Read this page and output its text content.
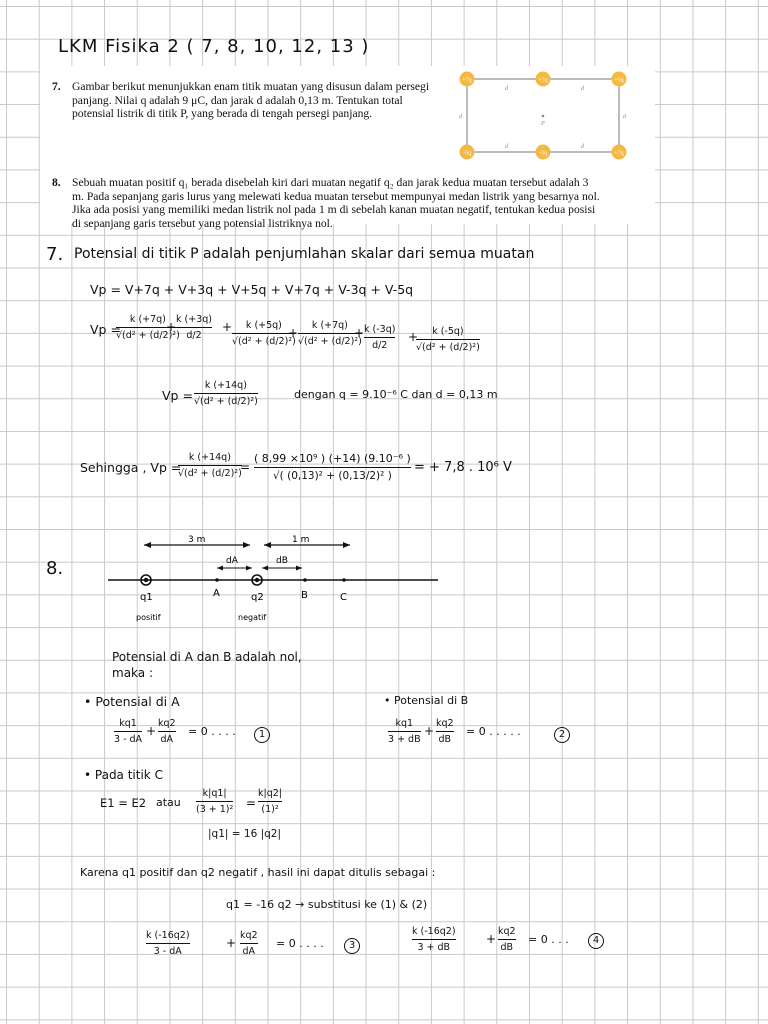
LKM Fisika 2 ( 7, 8, 10, 12, 13 )
7. Gambar berikut menunjukkan enam titik muatan yang disusun dalam persegi
panjang. Nilai q adalah 9 μC, dan jarak d adalah 0,13 m. Tentukan total
potensial listrik di titik P, yang berada di tengah persegi panjang.
+7q	+3q	+5q
-5q	-3q	+7q
d	d
d	d
d	d
P
8. Sebuah muatan positif q₁ berada disebelah kiri dari muatan negatif q₂ dan jarak kedua muatan tersebut adalah 3
m. Pada sepanjang garis lurus yang melewati kedua muatan tersebut mempunyai medan listrik yang besarnya nol.
Jika ada posisi yang memiliki medan listrik nol pada 1 m di sebelah kanan muatan negatif, tentukan kedua posisi
di sepanjang garis tersebut yang potensial listriknya nol.
7. Potensial di titik P adalah penjumlahan skalar dari semua muatan
Vp = V+7q + V+3q + V+5q + V+7q + V-3q + V-5q
Vp =
k (+7q)
√(d² + (d/2)²)
+
k (+3q)
d/2
+ k (+5q)
√(d² + (d/2)²)
+
k (+7q)
√(d² + (d/2)²)
+ k (-3q)
d/2
+ k (-5q)
√(d² + (d/2)²)
Vp =
k (+14q)
√(d² + (d/2)²)
dengan q = 9.10⁻⁶ C dan d = 0,13 m
Sehingga , Vp =
k (+14q)
√(d² + (d/2)²)
=
( 8,99 ×10⁹ ) (+14) (9.10⁻⁶ )
√( (0,13)² + (0,13/2)² )
= + 7,8 . 10⁶ V
8.
3 m	1 m
dA	dB
q1	A	q2	B	C
positif	negatif
Potensial di A dan B adalah nol,
maka :
• Potensial di A	• Potensial di B
kq1
3 - dA
+
kq2
dA
= 0 . . . .	1
kq1
3 + dB
+
kq2
dB
= 0 . . . . .	2
• Pada titik C
E1 = E2 atau
k|q1|
(3 + 1)² =
k|q2|
(1)²
|q1| = 16 |q2|
Karena q1 positif dan q2 negatif , hasil ini dapat ditulis sebagai :
q1 = -16 q2 → substitusi ke (1) & (2)
k (-16q2)
3 - dA
+
kq2
dA
= 0 . . . .	3
k (-16q2)
3 + dB
+
kq2
dB
= 0 . . .	4
